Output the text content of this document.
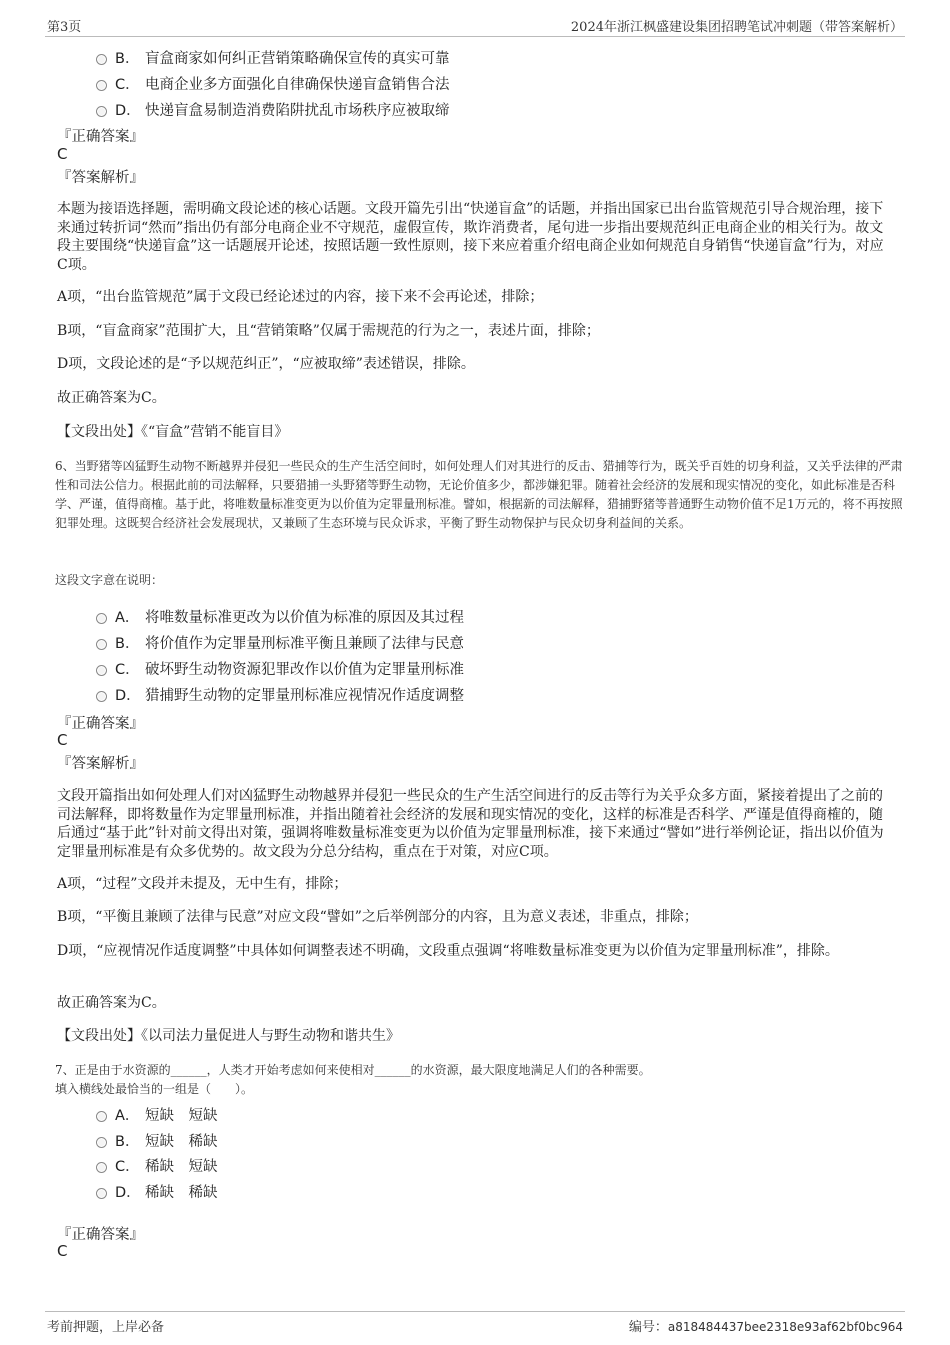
第3页	2024年浙江枫盛建设集团招聘笔试冲刺题（带答案解析）
B． 盲盒商家如何纠正营销策略确保宣传的真实可靠
C． 电商企业多方面强化自律确保快递盲盒销售合法
D． 快递盲盒易制造消费陷阱扰乱市场秩序应被取缔
『正确答案』
C
『答案解析』
本题为接语选择题，需明确文段论述的核心话题。文段开篇先引出“快递盲盒”的话题，并指出国家已出台监管规范引导合规治理，接下来通过转折词“然而”指出仍有部分电商企业不守规范，虚假宣传，欺诈消费者，尾句进一步指出要规范纠正电商企业的相关行为。故文段主要围绕“快递盲盒”这一话题展开论述，按照话题一致性原则，接下来应着重介绍电商企业如何规范自身销售“快递盲盒”行为，对应C项。
A项，“出台监管规范”属于文段已经论述过的内容，接下来不会再论述，排除；
B项，“盲盒商家”范围扩大，且“营销策略”仅属于需规范的行为之一，表述片面，排除；
D项，文段论述的是“予以规范纠正”，“应被取缔”表述错误，排除。
故正确答案为C。
【文段出处】《“盲盒”营销不能盲目》
6、当野猪等凶猛野生动物不断越界并侵犯一些民众的生产生活空间时，如何处理人们对其进行的反击、猎捕等行为，既关乎百姓的切身利益，又关乎法律的严肃性和司法公信力。根据此前的司法解释，只要猎捕一头野猪等野生动物，无论价值多少，都涉嫌犯罪。随着社会经济的发展和现实情况的变化，如此标准是否科学、严谨，值得商榷。基于此，将唯数量标准变更为以价值为定罪量刑标准。譬如，根据新的司法解释，猎捕野猪等普通野生动物价值不足1万元的，将不再按照犯罪处理。这既契合经济社会发展现状，又兼顾了生态环境与民众诉求，平衡了野生动物保护与民众切身利益间的关系。
这段文字意在说明：
A． 将唯数量标准更改为以价值为标准的原因及其过程
B． 将价值作为定罪量刑标准平衡且兼顾了法律与民意
C． 破坏野生动物资源犯罪改作以价值为定罪量刑标准
D． 猎捕野生动物的定罪量刑标准应视情况作适度调整
『正确答案』
C
『答案解析』
文段开篇指出如何处理人们对凶猛野生动物越界并侵犯一些民众的生产生活空间进行的反击等行为关乎众多方面，紧接着提出了之前的司法解释，即将数量作为定罪量刑标准，并指出随着社会经济的发展和现实情况的变化，这样的标准是否科学、严谨是值得商榷的，随后通过“基于此”针对前文得出对策，强调将唯数量标准变更为以价值为定罪量刑标准，接下来通过“譬如”进行举例论证，指出以价值为定罪量刑标准是有众多优势的。故文段为分总分结构，重点在于对策，对应C项。
A项，“过程”文段并未提及，无中生有，排除；
B项，“平衡且兼顾了法律与民意”对应文段“譬如”之后举例部分的内容，且为意义表述，非重点，排除；
D项，“应视情况作适度调整”中具体如何调整表述不明确，文段重点强调“将唯数量标准变更为以价值为定罪量刑标准”，排除。
故正确答案为C。
【文段出处】《以司法力量促进人与野生动物和谐共生》
7、正是由于水资源的______，人类才开始考虑如何来使相对______的水资源，最大限度地满足人们的各种需要。
填入横线处最恰当的一组是（　　）。
A． 短缺　短缺
B． 短缺　稀缺
C． 稀缺　短缺
D． 稀缺　稀缺
『正确答案』
C
考前押题，上岸必备	编号：a818484437bee2318e93af62bf0bc964
